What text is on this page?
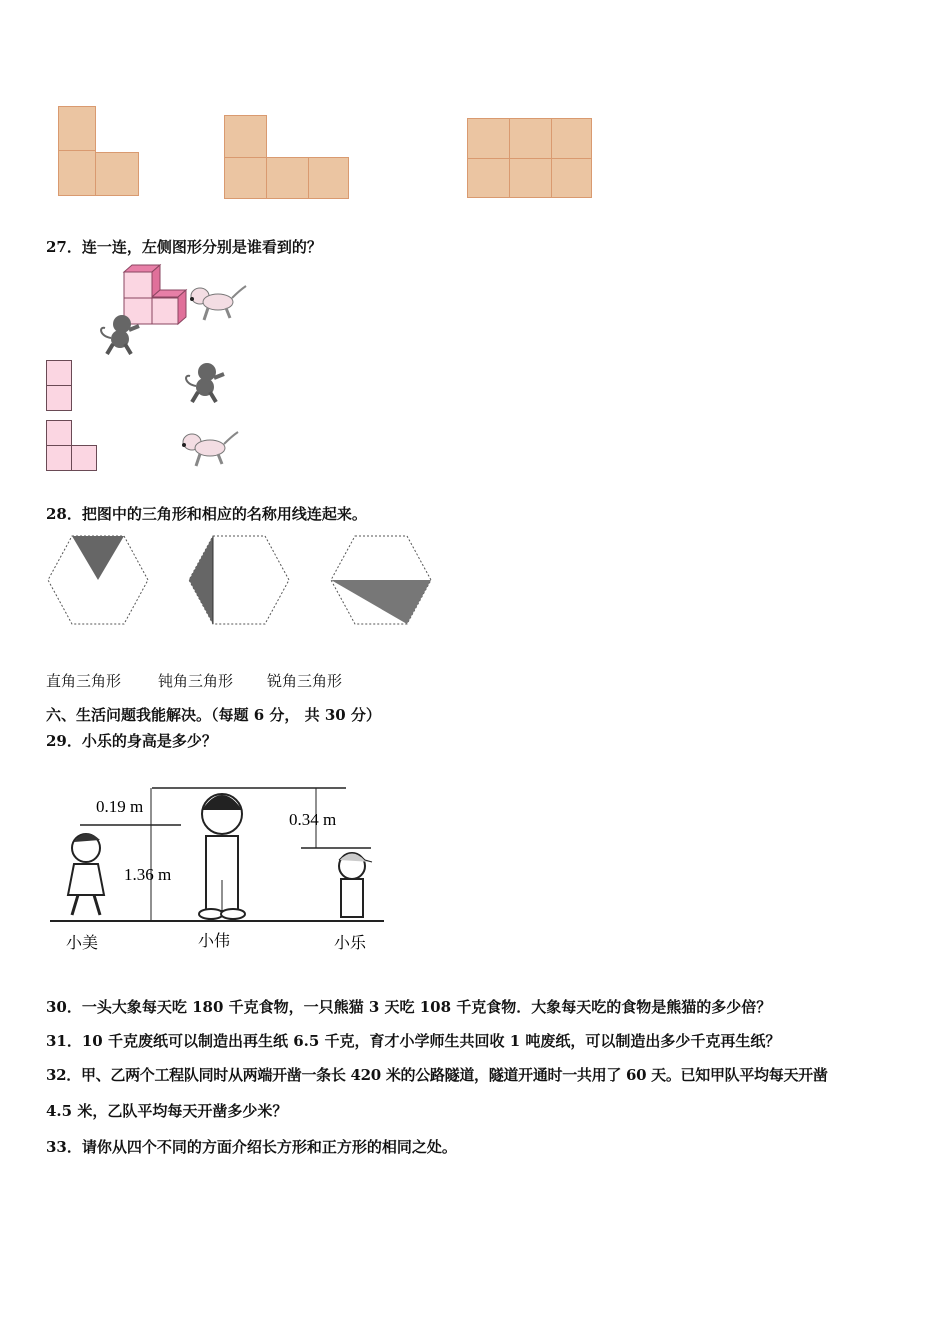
27．连一连，左侧图形分别是谁看到的？
28．把图中的三角形和相应的名称用线连起来。
直角三角形 钝角三角形 锐角三角形
六、生活问题我能解决。（每题 6 分， 共 30 分）
29．小乐的身高是多少？
0.19 m
1.36 m
0.34 m
小美	小伟	小乐
30．一头大象每天吃 180 千克食物，一只熊猫 3 天吃 108 千克食物．大象每天吃的食物是熊猫的多少倍？
31．10 千克废纸可以制造出再生纸 6.5 千克，育才小学师生共回收 1 吨废纸，可以制造出多少千克再生纸？
32．甲、乙两个工程队同时从两端开凿一条长 420 米的公路隧道，隧道开通时一共用了 60 天。已知甲队平均每天开凿
4.5 米，乙队平均每天开凿多少米？
33．请你从四个不同的方面介绍长方形和正方形的相同之处。
